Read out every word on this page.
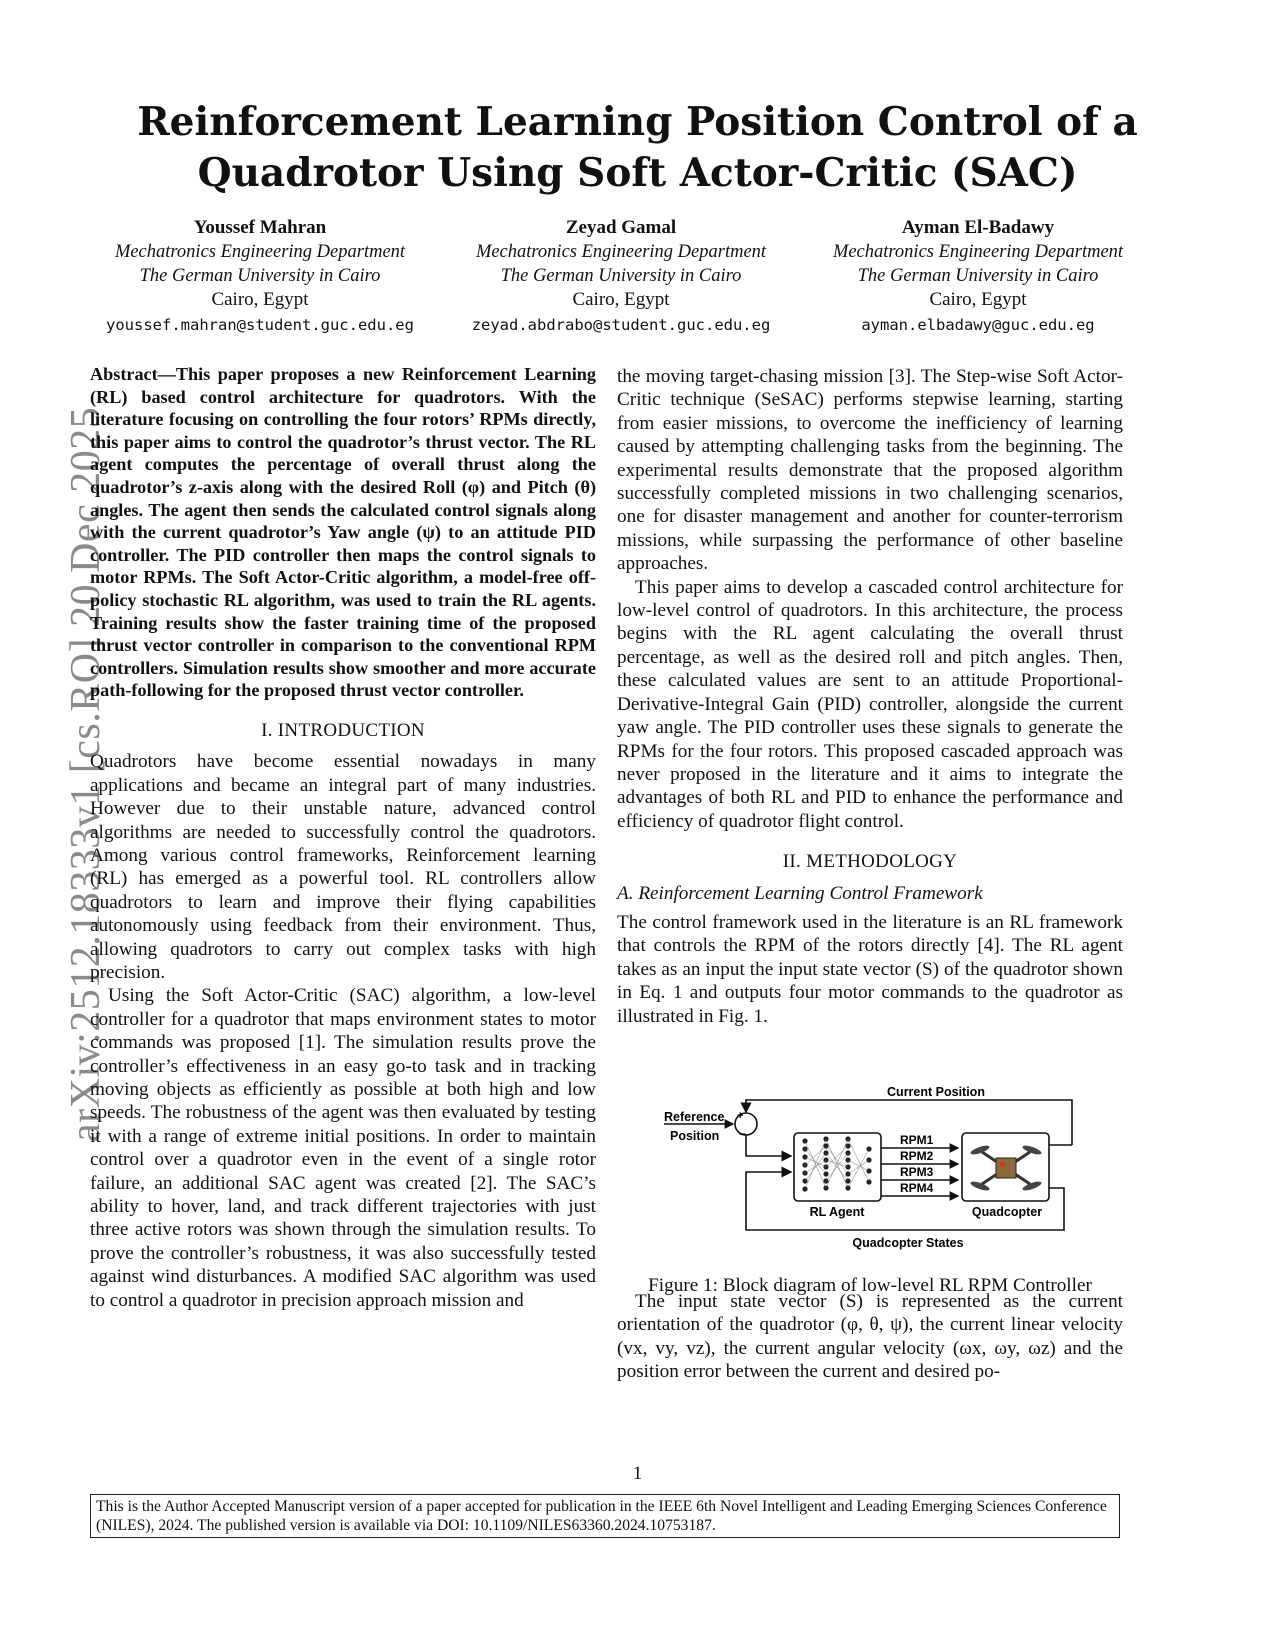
arXiv:2512.18333v1 [cs.RO] 20 Dec 2025
Reinforcement Learning Position Control of a Quadrotor Using Soft Actor-Critic (SAC)
Youssef Mahran
Mechatronics Engineering Department
The German University in Cairo
Cairo, Egypt
youssef.mahran@student.guc.edu.eg
Zeyad Gamal
Mechatronics Engineering Department
The German University in Cairo
Cairo, Egypt
zeyad.abdrabo@student.guc.edu.eg
Ayman El-Badawy
Mechatronics Engineering Department
The German University in Cairo
Cairo, Egypt
ayman.elbadawy@guc.edu.eg

Abstract—This paper proposes a new Reinforcement Learning (RL) based control architecture for quadrotors. With the literature focusing on controlling the four rotors’ RPMs directly, this paper aims to control the quadrotor’s thrust vector. The RL agent computes the percentage of overall thrust along the quadrotor’s z-axis along with the desired Roll (φ) and Pitch (θ) angles. The agent then sends the calculated control signals along with the current quadrotor’s Yaw angle (ψ) to an attitude PID controller. The PID controller then maps the control signals to motor RPMs. The Soft Actor-Critic algorithm, a model-free off-policy stochastic RL algorithm, was used to train the RL agents. Training results show the faster training time of the proposed thrust vector controller in comparison to the conventional RPM controllers. Simulation results show smoother and more accurate path-following for the proposed thrust vector controller.

I. INTRODUCTION

Quadrotors have become essential nowadays in many applications and became an integral part of many industries. However due to their unstable nature, advanced control algorithms are needed to successfully control the quadrotors. Among various control frameworks, Reinforcement learning (RL) has emerged as a powerful tool. RL controllers allow quadrotors to learn and improve their flying capabilities autonomously using feedback from their environment. Thus, allowing quadrotors to carry out complex tasks with high precision.

Using the Soft Actor-Critic (SAC) algorithm, a low-level controller for a quadrotor that maps environment states to motor commands was proposed [1]. The simulation results prove the controller’s effectiveness in an easy go-to task and in tracking moving objects as efficiently as possible at both high and low speeds. The robustness of the agent was then evaluated by testing it with a range of extreme initial positions. In order to maintain control over a quadrotor even in the event of a single rotor failure, an additional SAC agent was created [2]. The SAC’s ability to hover, land, and track different trajectories with just three active rotors was shown through the simulation results. To prove the controller’s robustness, it was also successfully tested against wind disturbances. A modified SAC algorithm was used to control a quadrotor in precision approach mission and

the moving target-chasing mission [3]. The Step-wise Soft Actor-Critic technique (SeSAC) performs stepwise learning, starting from easier missions, to overcome the inefficiency of learning caused by attempting challenging tasks from the beginning. The experimental results demonstrate that the proposed algorithm successfully completed missions in two challenging scenarios, one for disaster management and another for counter-terrorism missions, while surpassing the performance of other baseline approaches.

This paper aims to develop a cascaded control architecture for low-level control of quadrotors. In this architecture, the process begins with the RL agent calculating the overall thrust percentage, as well as the desired roll and pitch angles. Then, these calculated values are sent to an attitude Proportional-Derivative-Integral Gain (PID) controller, alongside the current yaw angle. The PID controller uses these signals to generate the RPMs for the four rotors. This proposed cascaded approach was never proposed in the literature and it aims to integrate the advantages of both RL and PID to enhance the performance and efficiency of quadrotor flight control.

II. METHODOLOGY
A. Reinforcement Learning Control Framework

The control framework used in the literature is an RL framework that controls the RPM of the rotors directly [4]. The RL agent takes as an input the input state vector (S) of the quadrotor shown in Eq. 1 and outputs four motor commands to the quadrotor as illustrated in Fig. 1.

The input state vector (S) is represented as the current orientation of the quadrotor (φ, θ, ψ), the current linear velocity (vx, vy, vz), the current angular velocity (ωx, ωy, ωz) and the position error between the current and desired po-

Current Position
+
−
Reference
Position
RL Agent
RPM1
RPM2
RPM3
RPM4
Quadcopter
Quadcopter States
Figure 1: Block diagram of low-level RL RPM Controller
1
This is the Author Accepted Manuscript version of a paper accepted for publication in the IEEE 6th Novel Intelligent and Leading Emerging Sciences Conference (NILES), 2024. The published version is available via DOI: 10.1109/NILES63360.2024.10753187.
